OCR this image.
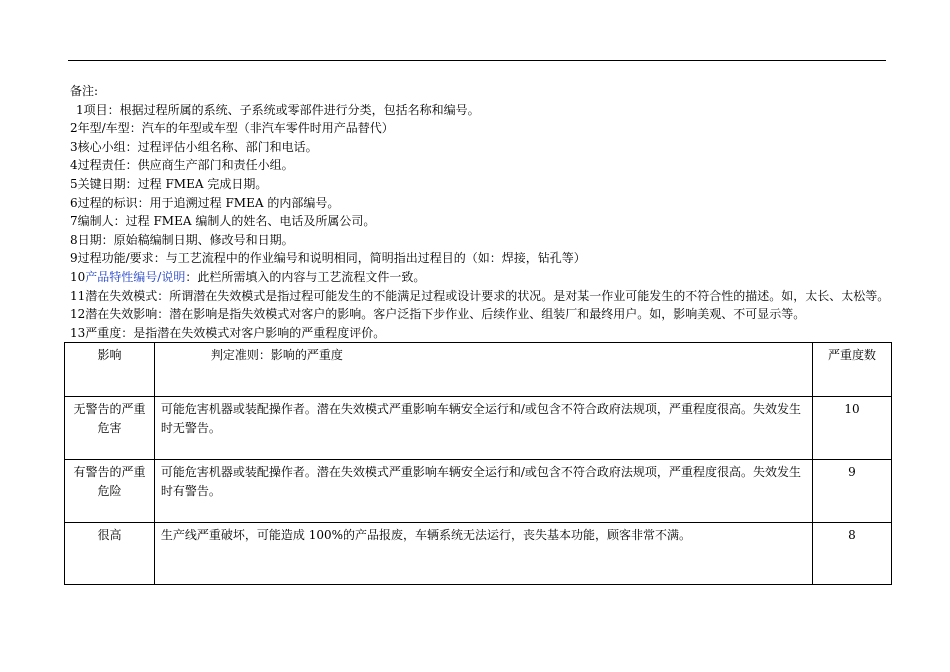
备注:
1项目：根据过程所属的系统、子系统或零部件进行分类，包括名称和编号。
2年型/车型：汽车的年型或车型（非汽车零件时用产品替代）
3核心小组：过程评估小组名称、部门和电话。
4过程责任：供应商生产部门和责任小组。
5关键日期：过程 FMEA 完成日期。
6过程的标识：用于追溯过程 FMEA 的内部编号。
7编制人：过程 FMEA 编制人的姓名、电话及所属公司。
8日期：原始稿编制日期、修改号和日期。
9过程功能/要求：与工艺流程中的作业编号和说明相同，简明指出过程目的（如：焊接，钻孔等）
10产品特性编号/说明：此栏所需填入的内容与工艺流程文件一致。
11潜在失效模式：所谓潜在失效模式是指过程可能发生的不能满足过程或设计要求的状况。是对某一作业可能发生的不符合性的描述。如，太长、太松等。
12潜在失效影响：潜在影响是指失效模式对客户的影响。客户泛指下步作业、后续作业、组装厂和最终用户。如，影响美观、不可显示等。
13严重度：是指潜在失效模式对客户影响的严重程度评价。
影响	判定准则：影响的严重度	严重度数
无警告的严重危害	可能危害机器或装配操作者。潜在失效模式严重影响车辆安全运行和/或包含不符合政府法规项，严重程度很高。失效发生时无警告。	10
有警告的严重危险	可能危害机器或装配操作者。潜在失效模式严重影响车辆安全运行和/或包含不符合政府法规项，严重程度很高。失效发生时有警告。	9
很高	生产线严重破坏，可能造成 100%的产品报废，车辆系统无法运行，丧失基本功能，顾客非常不满。	8
